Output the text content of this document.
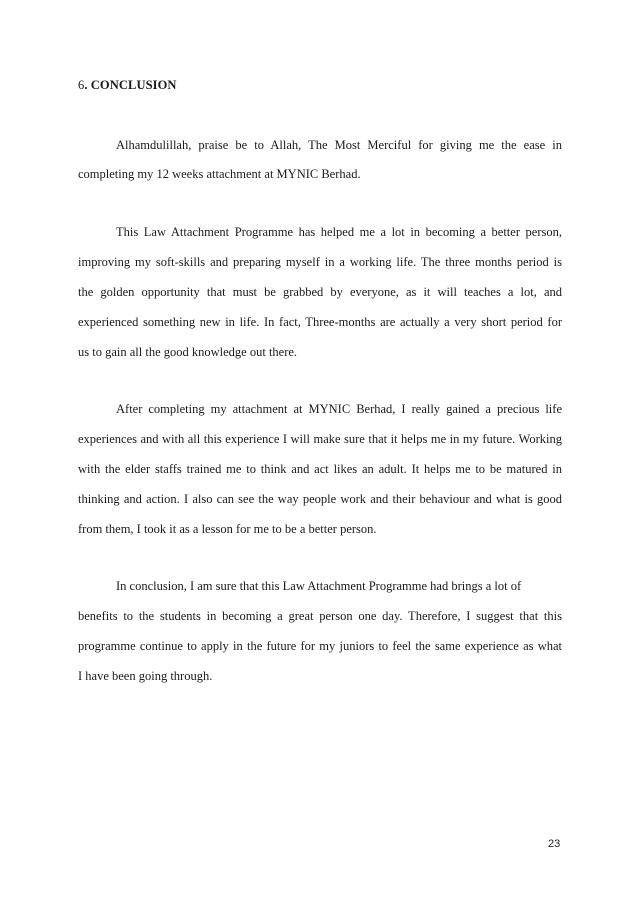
6. CONCLUSION
Alhamdulillah, praise be to Allah, The Most Merciful for giving me the ease in
completing my 12 weeks attachment at MYNIC Berhad.
This Law Attachment Programme has helped me a lot in becoming a better person,
improving my soft-skills and preparing myself in a working life. The three months period is
the golden opportunity that must be grabbed by everyone, as it will teaches a lot, and
experienced something new in life. In fact, Three-months are actually a very short period for
us to gain all the good knowledge out there.
After completing my attachment at MYNIC Berhad, I really gained a precious life
experiences and with all this experience I will make sure that it helps me in my future. Working
with the elder staffs trained me to think and act likes an adult. It helps me to be matured in
thinking and action. I also can see the way people work and their behaviour and what is good
from them, I took it as a lesson for me to be a better person.
In conclusion, I am sure that this Law Attachment Programme had brings a lot of
benefits to the students in becoming a great person one day. Therefore, I suggest that this
programme continue to apply in the future for my juniors to feel the same experience as what
I have been going through.
23
